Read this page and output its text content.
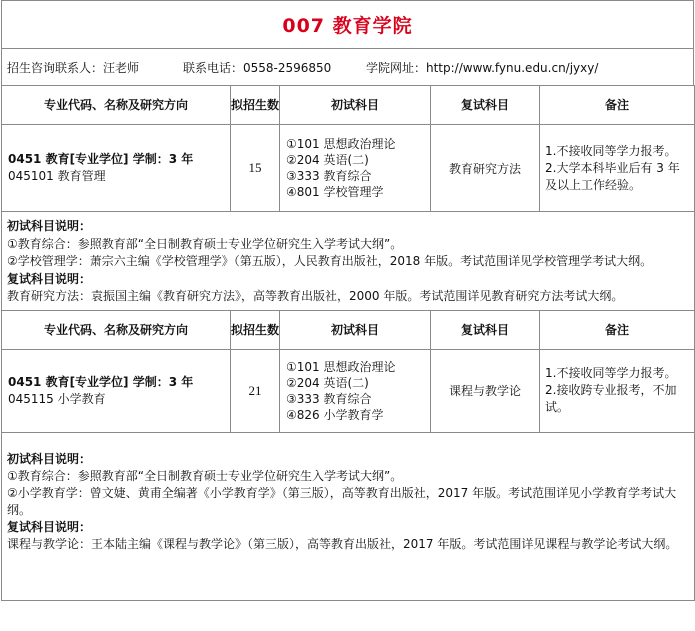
007 教育学院
招生咨询联系人：汪老师	联系电话：0558-2596850	学院网址：http://www.fynu.edu.cn/jyxy/
专业代码、名称及研究方向	拟招生数	初试科目	复试科目	备注

0451 教育[专业学位] 学制：3 年
045101 教育管理	15	①101 思想政治理论
②204 英语(二)
③333 教育综合
④801 学校管理学	教育研究方法	1.不接收同等学力报考。
2.大学本科毕业后有 3 年及以上工作经验。

初试科目说明：
①教育综合：参照教育部“全日制教育硕士专业学位研究生入学考试大纲”。
②学校管理学：萧宗六主编《学校管理学》（第五版），人民教育出版社，2018 年版。考试范围详见学校管理学考试大纲。
复试科目说明：
教育研究方法：袁振国主编《教育研究方法》，高等教育出版社，2000 年版。考试范围详见教育研究方法考试大纲。				

专业代码、名称及研究方向	拟招生数	初试科目	复试科目	备注

0451 教育[专业学位] 学制：3 年
045115 小学教育	21	①101 思想政治理论
②204 英语(二)
③333 教育综合
④826 小学教育学	课程与教学论	1.不接收同等学力报考。
2.接收跨专业报考，不加试。

初试科目说明：
①教育综合：参照教育部“全日制教育硕士专业学位研究生入学考试大纲”。
②小学教育学：曾文婕、黄甫全编著《小学教育学》（第三版），高等教育出版社，2017 年版。考试范围详见小学教育学考试大纲。
复试科目说明：
课程与教学论：王本陆主编《课程与教学论》（第三版），高等教育出版社，2017 年版。考试范围详见课程与教学论考试大纲。				
